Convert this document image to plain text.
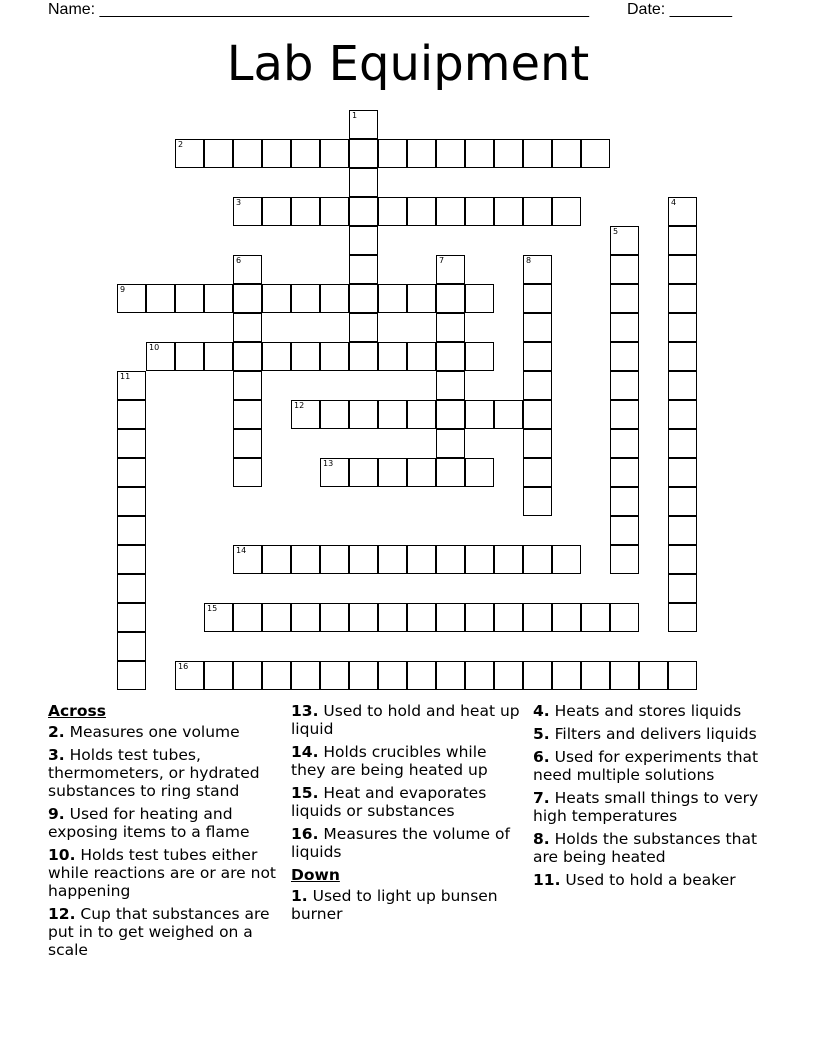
Name: _______________________________________________________ Date: _______
Lab Equipment
1
2
3	4
5
6	7	8
9
10
11
12
13
14
15
16
Across
2. Measures one volume
3. Holds test tubes, thermometers, or hydrated substances to ring stand
9. Used for heating and exposing items to a flame
10. Holds test tubes either while reactions are or are not happening
12. Cup that substances are put in to get weighed on a scale
13. Used to hold and heat up liquid
14. Holds crucibles while they are being heated up
15. Heat and evaporates liquids or substances
16. Measures the volume of liquids
Down
1. Used to light up bunsen burner
4. Heats and stores liquids
5. Filters and delivers liquids
6. Used for experiments that need multiple solutions
7. Heats small things to very high temperatures
8. Holds the substances that are being heated
11. Used to hold a beaker
